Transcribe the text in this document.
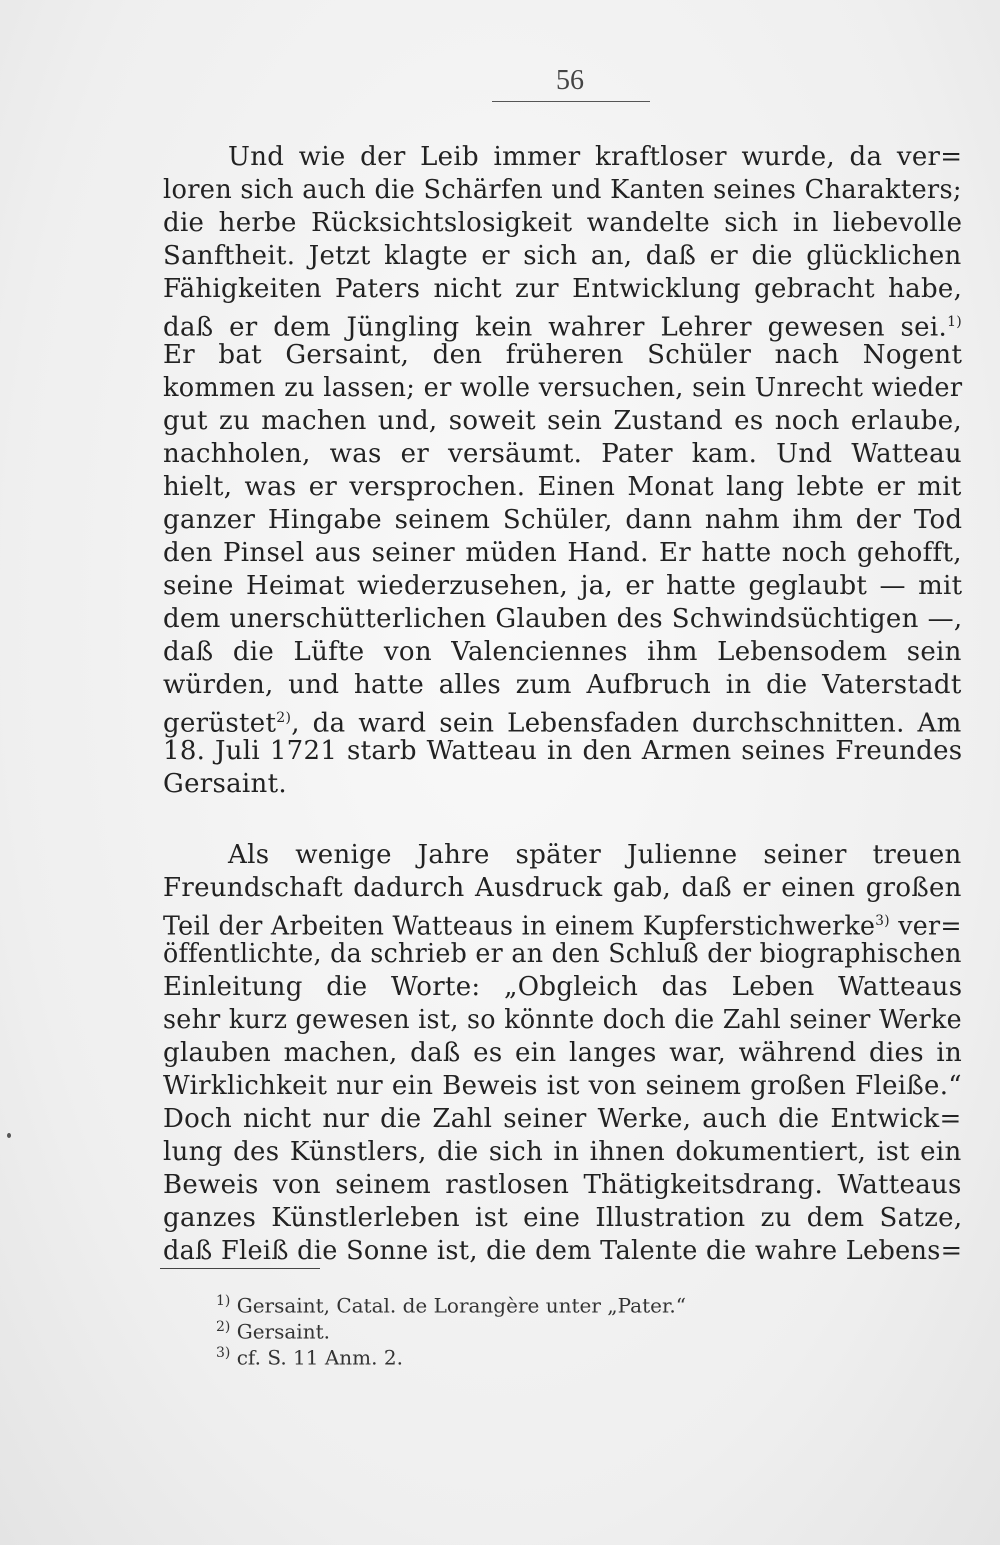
56
Und wie der Leib immer kraftloser wurde, da ver=
loren sich auch die Schärfen und Kanten seines Charakters;
die herbe Rücksichtslosigkeit wandelte sich in liebevolle
Sanftheit. Jetzt klagte er sich an, daß er die glücklichen
Fähigkeiten Paters nicht zur Entwicklung gebracht habe,
daß er dem Jüngling kein wahrer Lehrer gewesen sei.$^{1)}$
Er bat Gersaint, den früheren Schüler nach Nogent
kommen zu lassen; er wolle versuchen, sein Unrecht wieder
gut zu machen und, soweit sein Zustand es noch erlaube,
nachholen, was er versäumt. Pater kam. Und Watteau
hielt, was er versprochen. Einen Monat lang lebte er mit
ganzer Hingabe seinem Schüler, dann nahm ihm der Tod
den Pinsel aus seiner müden Hand. Er hatte noch gehofft,
seine Heimat wiederzusehen, ja, er hatte geglaubt — mit
dem unerschütterlichen Glauben des Schwindsüchtigen —,
daß die Lüfte von Valenciennes ihm Lebensodem sein
würden, und hatte alles zum Aufbruch in die Vaterstadt
gerüstet$^{2)}$, da ward sein Lebensfaden durchschnitten. Am
18. Juli 1721 starb Watteau in den Armen seines Freundes
Gersaint.
Als wenige Jahre später Julienne seiner treuen
Freundschaft dadurch Ausdruck gab, daß er einen großen
Teil der Arbeiten Watteaus in einem Kupferstichwerke$^{3)}$ ver=
öffentlichte, da schrieb er an den Schluß der biographischen
Einleitung die Worte: „Obgleich das Leben Watteaus
sehr kurz gewesen ist, so könnte doch die Zahl seiner Werke
glauben machen, daß es ein langes war, während dies in
Wirklichkeit nur ein Beweis ist von seinem großen Fleiße.“
Doch nicht nur die Zahl seiner Werke, auch die Entwick=
lung des Künstlers, die sich in ihnen dokumentiert, ist ein
Beweis von seinem rastlosen Thätigkeitsdrang. Watteaus
ganzes Künstlerleben ist eine Illustration zu dem Satze,
daß Fleiß die Sonne ist, die dem Talente die wahre Lebens=
$^{1)}$ Gersaint, Catal. de Lorangère unter „Pater.“
$^{2)}$ Gersaint.
$^{3)}$ cf. S. 11 Anm. 2.
